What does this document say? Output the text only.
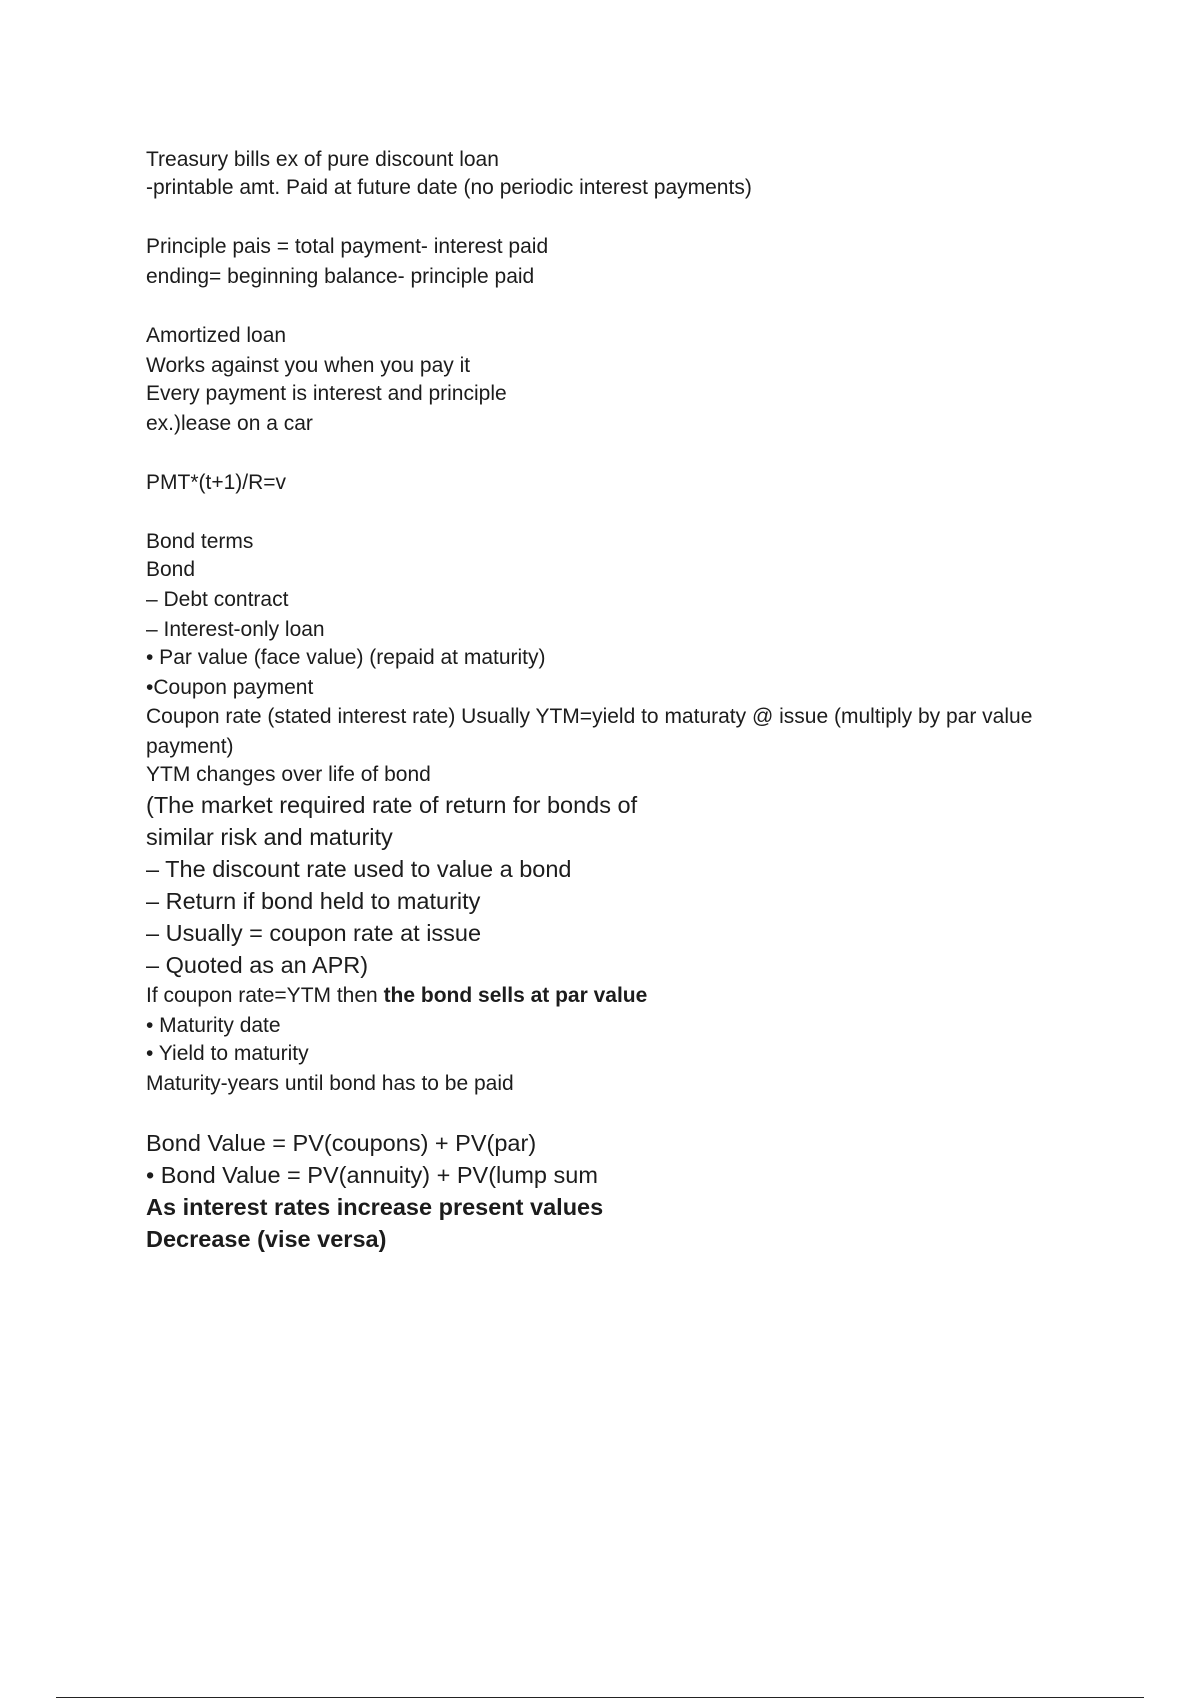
Treasury bills ex of pure discount loan

-printable amt. Paid at future date (no periodic interest payments)

Principle pais = total payment- interest paid

ending= beginning balance- principle paid

Amortized loan

Works against you when you pay it

Every payment is interest and principle

ex.)lease on a car

PMT*(t+1)/R=v

Bond terms

Bond

– Debt contract

– Interest-only loan

• Par value (face value) (repaid at maturity)

•Coupon payment

Coupon rate (stated interest rate) Usually YTM=yield to maturaty @ issue (multiply by par value

payment)

YTM changes over life of bond

(The market required rate of return for bonds of

similar risk and maturity

– The discount rate used to value a bond

– Return if bond held to maturity

– Usually = coupon rate at issue

– Quoted as an APR)

If coupon rate=YTM then the bond sells at par value

• Maturity date

• Yield to maturity

Maturity-years until bond has to be paid

Bond Value = PV(coupons) + PV(par)

• Bond Value = PV(annuity) + PV(lump sum

As interest rates increase present values

Decrease (vise versa)
